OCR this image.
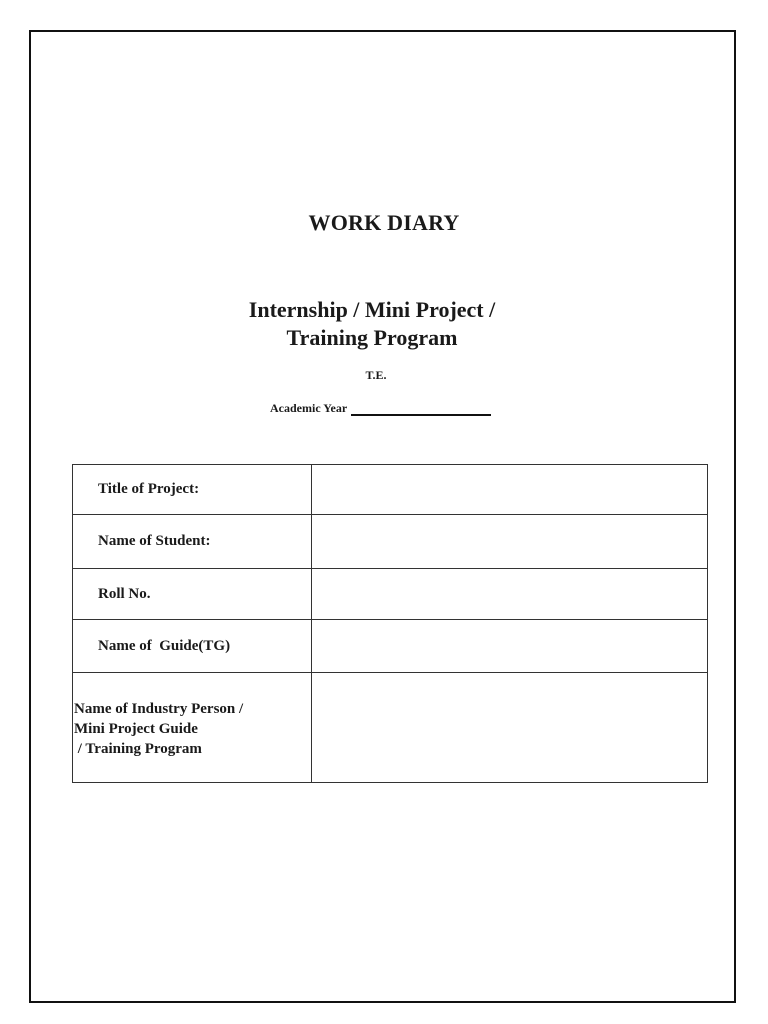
WORK DIARY
Internship / Mini Project /
Training Program
T.E.
Academic Year
Title of Project:	
Name of Student:	
Roll No.	
Name of  Guide(TG)	

Name of Industry Person /
Mini Project Guide
/ Training Program	
